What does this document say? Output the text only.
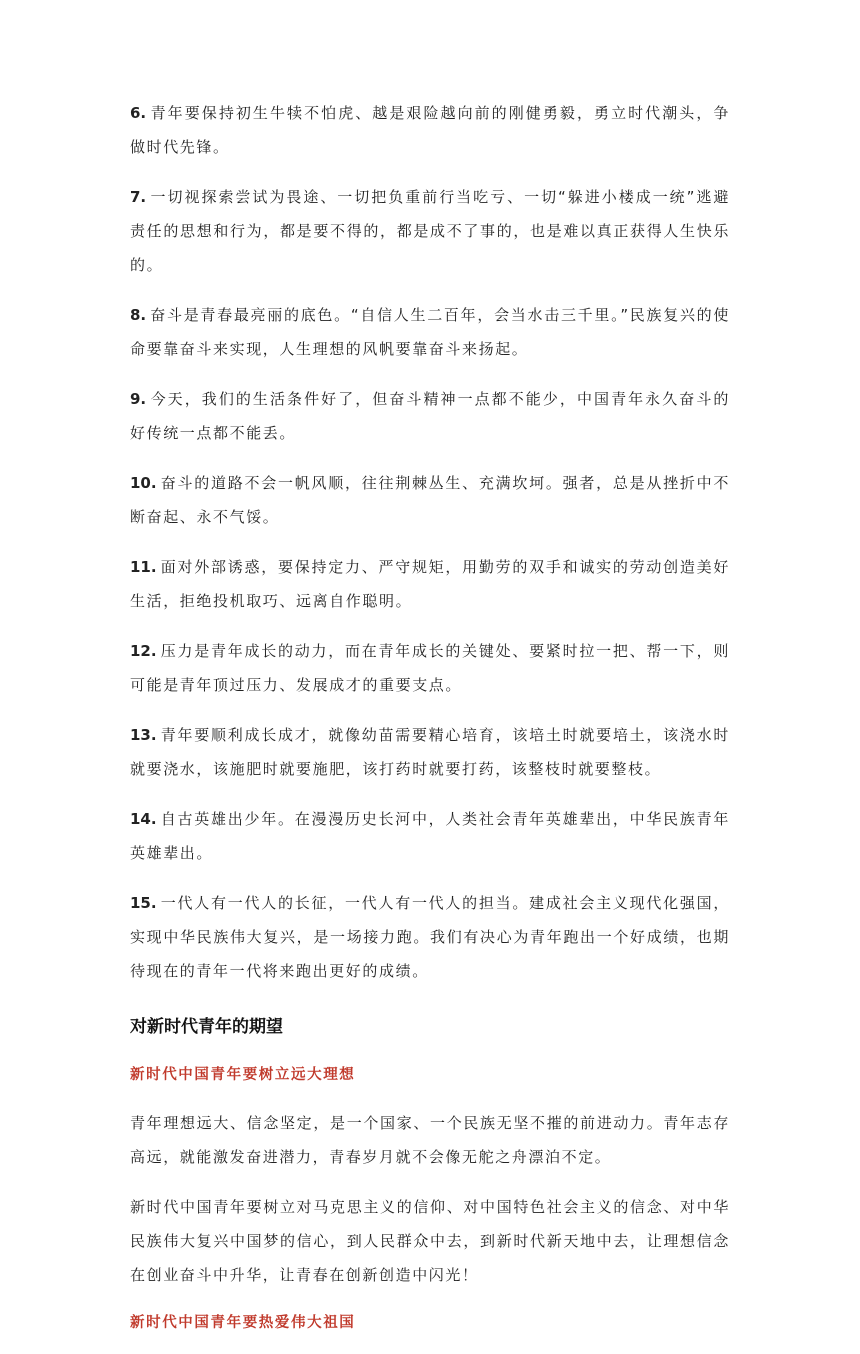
6. 青年要保持初生牛犊不怕虎、越是艰险越向前的刚健勇毅，勇立时代潮头，争做时代先锋。

7. 一切视探索尝试为畏途、一切把负重前行当吃亏、一切“躲进小楼成一统”逃避责任的思想和行为，都是要不得的，都是成不了事的，也是难以真正获得人生快乐的。

8. 奋斗是青春最亮丽的底色。“自信人生二百年，会当水击三千里。”民族复兴的使命要靠奋斗来实现，人生理想的风帆要靠奋斗来扬起。

9. 今天，我们的生活条件好了，但奋斗精神一点都不能少，中国青年永久奋斗的好传统一点都不能丢。

10. 奋斗的道路不会一帆风顺，往往荆棘丛生、充满坎坷。强者，总是从挫折中不断奋起、永不气馁。

11. 面对外部诱惑，要保持定力、严守规矩，用勤劳的双手和诚实的劳动创造美好生活，拒绝投机取巧、远离自作聪明。

12. 压力是青年成长的动力，而在青年成长的关键处、要紧时拉一把、帮一下，则可能是青年顶过压力、发展成才的重要支点。

13. 青年要顺利成长成才，就像幼苗需要精心培育，该培土时就要培土，该浇水时就要浇水，该施肥时就要施肥，该打药时就要打药，该整枝时就要整枝。

14. 自古英雄出少年。在漫漫历史长河中，人类社会青年英雄辈出，中华民族青年英雄辈出。

15. 一代人有一代人的长征，一代人有一代人的担当。建成社会主义现代化强国，实现中华民族伟大复兴，是一场接力跑。我们有决心为青年跑出一个好成绩，也期待现在的青年一代将来跑出更好的成绩。

对新时代青年的期望
新时代中国青年要树立远大理想

青年理想远大、信念坚定，是一个国家、一个民族无坚不摧的前进动力。青年志存高远，就能激发奋进潜力，青春岁月就不会像无舵之舟漂泊不定。

新时代中国青年要树立对马克思主义的信仰、对中国特色社会主义的信念、对中华民族伟大复兴中国梦的信心，到人民群众中去，到新时代新天地中去，让理想信念在创业奋斗中升华，让青春在创新创造中闪光！

新时代中国青年要热爱伟大祖国
